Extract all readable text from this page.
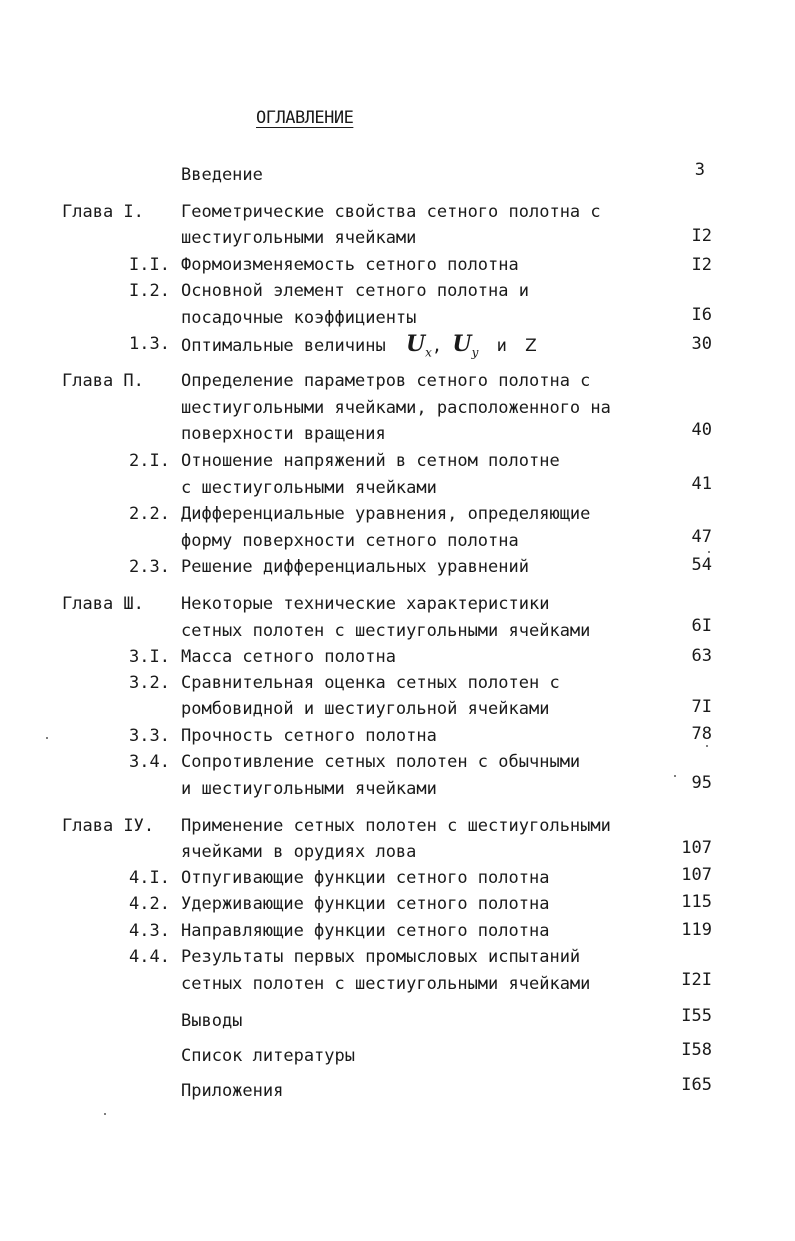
ОГЛАВЛЕНИЕ
Введение	3
Глава I. Геометрические свойства сетного полотна с
шестиугольными ячейками	I2
I.I. Формоизменяемость сетного полотна	I2
I.2. Основной элемент сетного полотна и
посадочные коэффициенты	I6
1.3. Оптимальные величины $U_x$, $U_y$ и Z	30
Глава П. Определение параметров сетного полотна с
шестиугольными ячейками, расположенного на
поверхности вращения	40
2.I. Отношение напряжений в сетном полотне
с шестиугольными ячейками	41
2.2. Дифференциальные уравнения, определяющие
форму поверхности сетного полотна	47
2.3. Решение дифференциальных уравнений	54
Глава Ш. Некоторые технические характеристики
сетных полотен с шестиугольными ячейками	6I
3.I. Масса сетного полотна	63
3.2. Сравнительная оценка сетных полотен с
ромбовидной и шестиугольной ячейками	7I
3.3. Прочность сетного полотна	78
3.4. Сопротивление сетных полотен с обычными
и шестиугольными ячейками	95
Глава IУ. Применение сетных полотен с шестиугольными
ячейками в орудиях лова	107
4.I. Отпугивающие функции сетного полотна	107
4.2. Удерживающие функции сетного полотна	115
4.3. Направляющие функции сетного полотна	119
4.4. Результаты первых промысловых испытаний
сетных полотен с шестиугольными ячейками	I2I
Выводы	I55
Список литературы	I58
Приложения	I65
